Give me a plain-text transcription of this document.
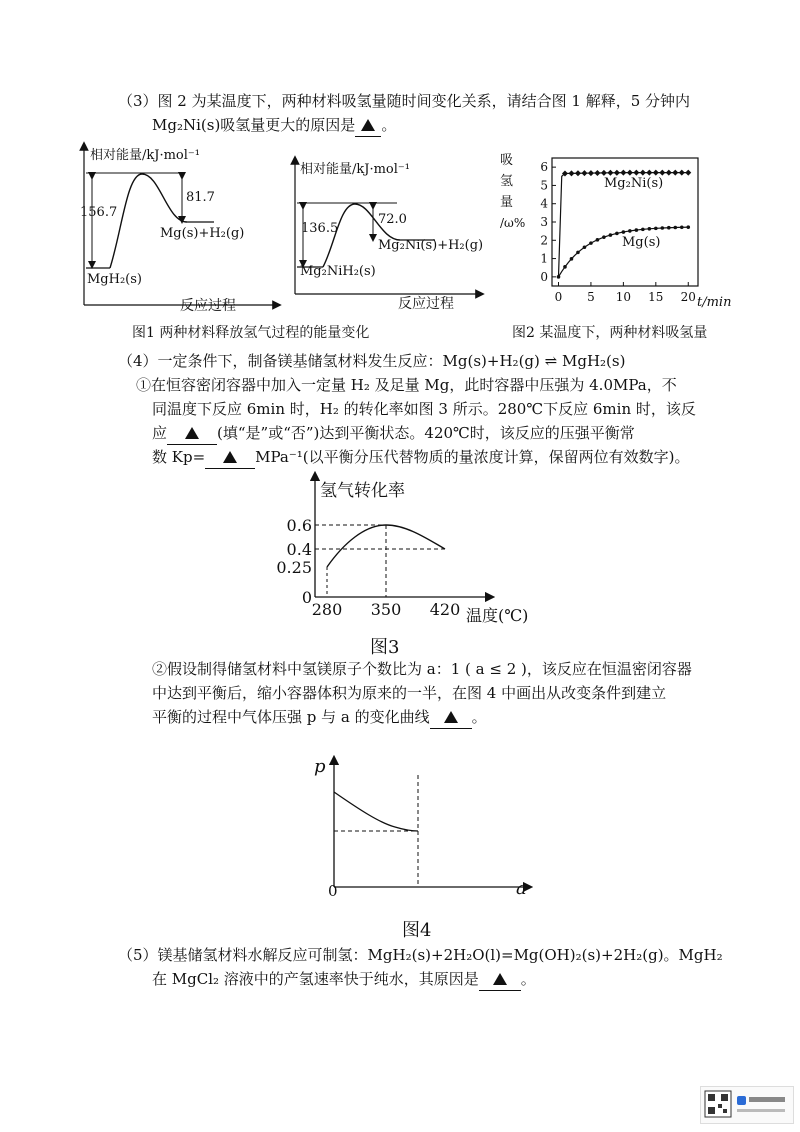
（3）图 2 为某温度下，两种材料吸氢量随时间变化关系，请结合图 1 解释，5 分钟内
Mg₂Ni(s)吸氢量更大的原因是 。
相对能量/kJ·mol⁻¹
156.7
81.7
Mg(s)+H₂(g)
MgH₂(s)
反应过程
相对能量/kJ·mol⁻¹
136.5
72.0
Mg₂Ni(s)+H₂(g)
Mg₂NiH₂(s)
反应过程
图1 两种材料释放氢气过程的能量变化
吸
氢
量
/ω%
6
5
4
3
2
1
0
0 5 10 15 20
Mg₂Ni(s)
Mg(s)
t/min
图2 某温度下，两种材料吸氢量
（4）一定条件下，制备镁基储氢材料发生反应：Mg(s)+H₂(g) ⇌ MgH₂(s)
①在恒容密闭容器中加入一定量 H₂ 及足量 Mg，此时容器中压强为 4.0MPa，不
同温度下反应 6min 时，H₂ 的转化率如图 3 所示。280℃下反应 6min 时，该反
应	(填“是”或“否”)达到平衡状态。420℃时，该反应的压强平衡常
数 Kp=	MPa⁻¹(以平衡分压代替物质的量浓度计算，保留两位有效数字)。
氢气转化率
0.6
0.4
0.25
0
280 350 420 温度(℃)
图3
②假设制得储氢材料中氢镁原子个数比为 a：1 ( a ≤ 2 )，该反应在恒温密闭容器
中达到平衡后，缩小容器体积为原来的一半，在图 4 中画出从改变条件到建立
平衡的过程中气体压强 p 与 a 的变化曲线	。
p
0	a
图4
（5）镁基储氢材料水解反应可制氢：MgH₂(s)+2H₂O(l)=Mg(OH)₂(s)+2H₂(g)。MgH₂
在 MgCl₂ 溶液中的产氢速率快于纯水，其原因是	。
